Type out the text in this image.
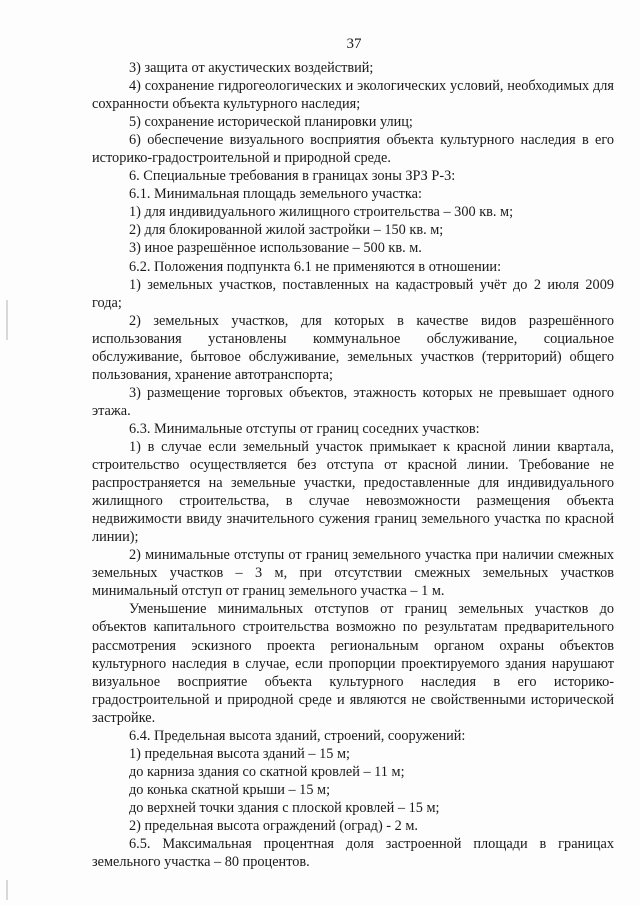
37

3) защита от акустических воздействий;

4) сохранение гидрогеологических и экологических условий, необходимых для сохранности объекта культурного наследия;

5) сохранение исторической планировки улиц;

6) обеспечение визуального восприятия объекта культурного наследия в его историко-градостроительной и природной среде.

6. Специальные требования в границах зоны ЗРЗ Р-3:

6.1. Минимальная площадь земельного участка:

1) для индивидуального жилищного строительства – 300 кв. м;

2) для блокированной жилой застройки – 150 кв. м;

3) иное разрешённое использование – 500 кв. м.

6.2. Положения подпункта 6.1 не применяются в отношении:

1) земельных участков, поставленных на кадастровый учёт до 2 июля 2009 года;

2) земельных участков, для которых в качестве видов разрешённого использования установлены коммунальное обслуживание, социальное обслуживание, бытовое обслуживание, земельных участков (территорий) общего пользования, хранение автотранспорта;

3) размещение торговых объектов, этажность которых не превышает одного этажа.

6.3. Минимальные отступы от границ соседних участков:

1) в случае если земельный участок примыкает к красной линии квартала, строительство осуществляется без отступа от красной линии. Требование не распространяется на земельные участки, предоставленные для индивидуального жилищного строительства, в случае невозможности размещения объекта недвижимости ввиду значительного сужения границ земельного участка по красной линии);

2) минимальные отступы от границ земельного участка при наличии смежных земельных участков – 3 м, при отсутствии смежных земельных участков минимальный отступ от границ земельного участка – 1 м.

Уменьшение минимальных отступов от границ земельных участков до объектов капитального строительства возможно по результатам предварительного рассмотрения эскизного проекта региональным органом охраны объектов культурного наследия в случае, если пропорции проектируемого здания нарушают визуальное восприятие объекта культурного наследия в его историко-градостроительной и природной среде и являются не свойственными исторической застройке.

6.4. Предельная высота зданий, строений, сооружений:

1) предельная высота зданий – 15 м;

до карниза здания со скатной кровлей – 11 м;

до конька скатной крыши – 15 м;

до верхней точки здания с плоской кровлей – 15 м;

2) предельная высота ограждений (оград) - 2 м.

6.5. Максимальная процентная доля застроенной площади в границах земельного участка – 80 процентов.
